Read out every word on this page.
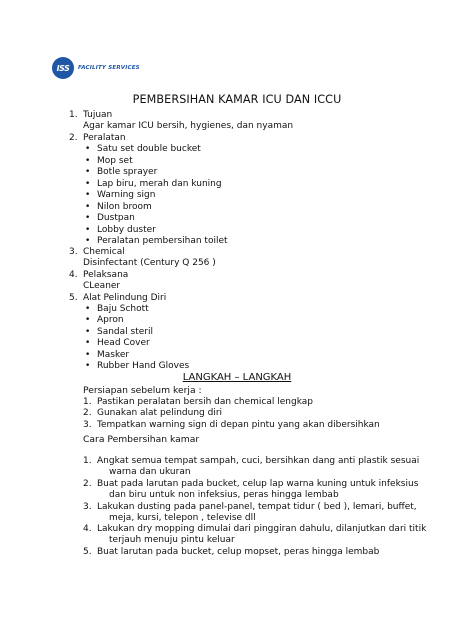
ISS	FACILITY SERVICES
PEMBERSIHAN KAMAR ICU DAN ICCU
1. Tujuan
Agar kamar ICU bersih, hygienes, dan nyaman
2. Peralatan
• Satu set double bucket
• Mop set
• Botle sprayer
• Lap biru, merah dan kuning
• Warning sign
• Nilon broom
• Dustpan
• Lobby duster
• Peralatan pembersihan toilet
3. Chemical
Disinfectant (Century Q 256 )
4. Pelaksana
CLeaner
5. Alat Pelindung Diri
• Baju Schott
• Apron
• Sandal steril
• Head Cover
• Masker
• Rubber Hand Gloves
LANGKAH – LANGKAH
Persiapan sebelum kerja :
1. Pastikan peralatan bersih dan chemical lengkap
2. Gunakan alat pelindung diri
3. Tempatkan warning sign di depan pintu yang akan dibersihkan
Cara Pembersihan kamar
1. Angkat semua tempat sampah, cuci, bersihkan dang anti plastik sesuai
warna dan ukuran
2. Buat pada larutan pada bucket, celup lap warna kuning untuk infeksius
dan biru untuk non infeksius, peras hingga lembab
3. Lakukan dusting pada panel-panel, tempat tidur ( bed ), lemari, buffet,
meja, kursi, telepon , televise dll
4. Lakukan dry mopping dimulai dari pinggiran dahulu, dilanjutkan dari titik
terjauh menuju pintu keluar
5. Buat larutan pada bucket, celup mopset, peras hingga lembab
